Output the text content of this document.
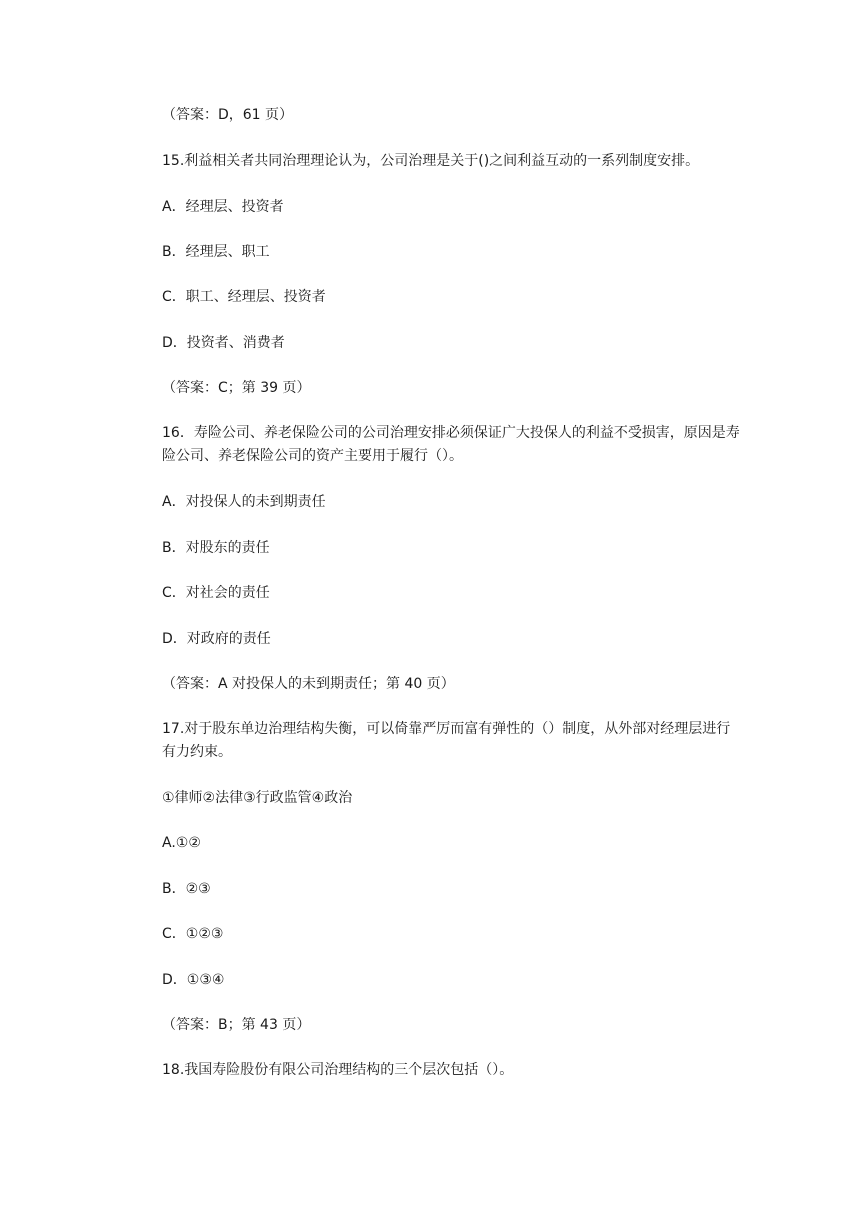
（答案：D，61 页）
15.利益相关者共同治理理论认为，公司治理是关于()之间利益互动的一系列制度安排。
A．经理层、投资者
B．经理层、职工
C．职工、经理层、投资者
D．投资者、消费者
（答案：C；第 39 页）
16．寿险公司、养老保险公司的公司治理安排必须保证广大投保人的利益不受损害，原因是寿险公司、养老保险公司的资产主要用于履行（）。
A．对投保人的未到期责任
B．对股东的责任
C．对社会的责任
D．对政府的责任
（答案：A 对投保人的未到期责任；第 40 页）
17.对于股东单边治理结构失衡，可以倚靠严厉而富有弹性的（）制度，从外部对经理层进行有力约束。
①律师②法律③行政监管④政治
A.①②
B．②③
C．①②③
D．①③④
（答案：B；第 43 页）
18.我国寿险股份有限公司治理结构的三个层次包括（）。
